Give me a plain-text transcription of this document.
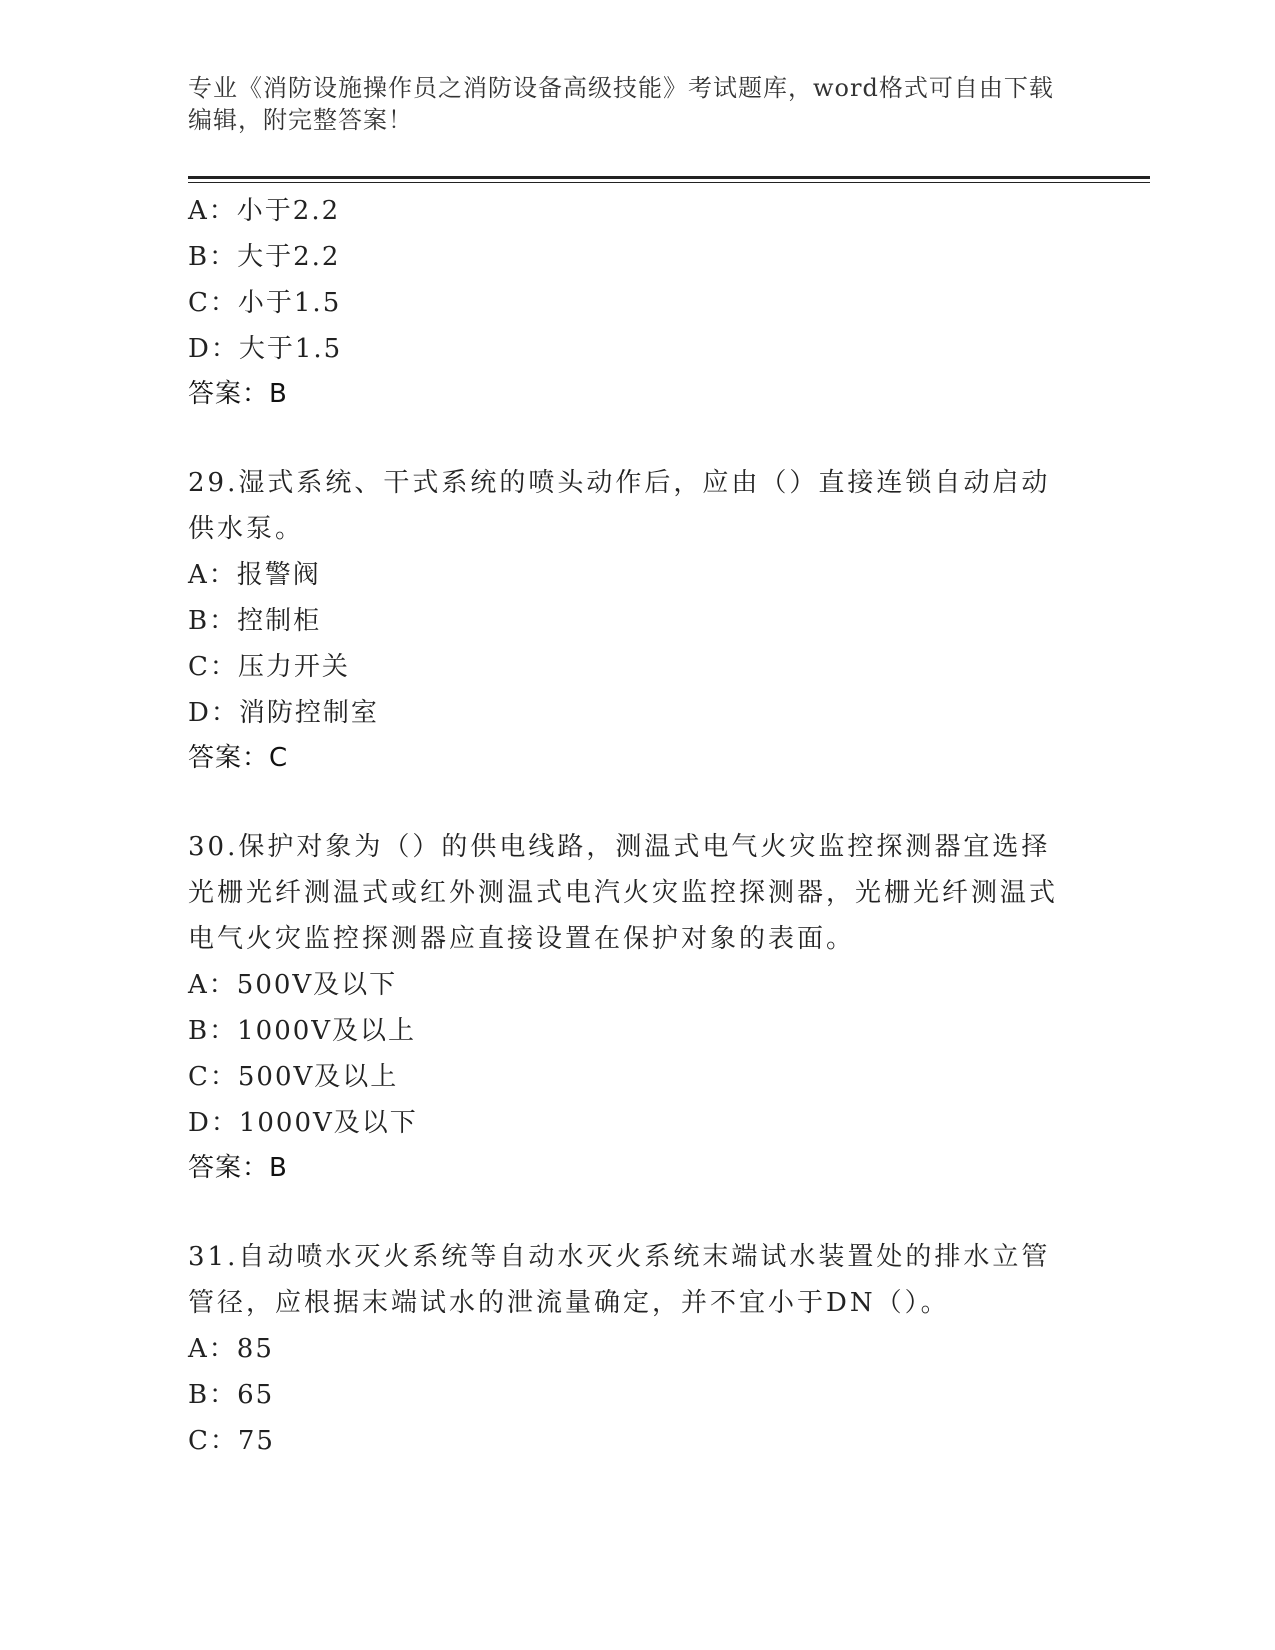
专业《消防设施操作员之消防设备高级技能》考试题库，word格式可自由下载编辑，附完整答案！
A：小于2.2
B：大于2.2
C：小于1.5
D：大于1.5
答案：B
29.湿式系统、干式系统的喷头动作后，应由（）直接连锁自动启动供水泵。
A：报警阀
B：控制柜
C：压力开关
D：消防控制室
答案：C
30.保护对象为（）的供电线路，测温式电气火灾监控探测器宜选择光栅光纤测温式或红外测温式电汽火灾监控探测器，光栅光纤测温式电气火灾监控探测器应直接设置在保护对象的表面。
A：500V及以下
B：1000V及以上
C：500V及以上
D：1000V及以下
答案：B
31.自动喷水灭火系统等自动水灭火系统末端试水装置处的排水立管管径，应根据末端试水的泄流量确定，并不宜小于DN（）。
A：85
B：65
C：75
